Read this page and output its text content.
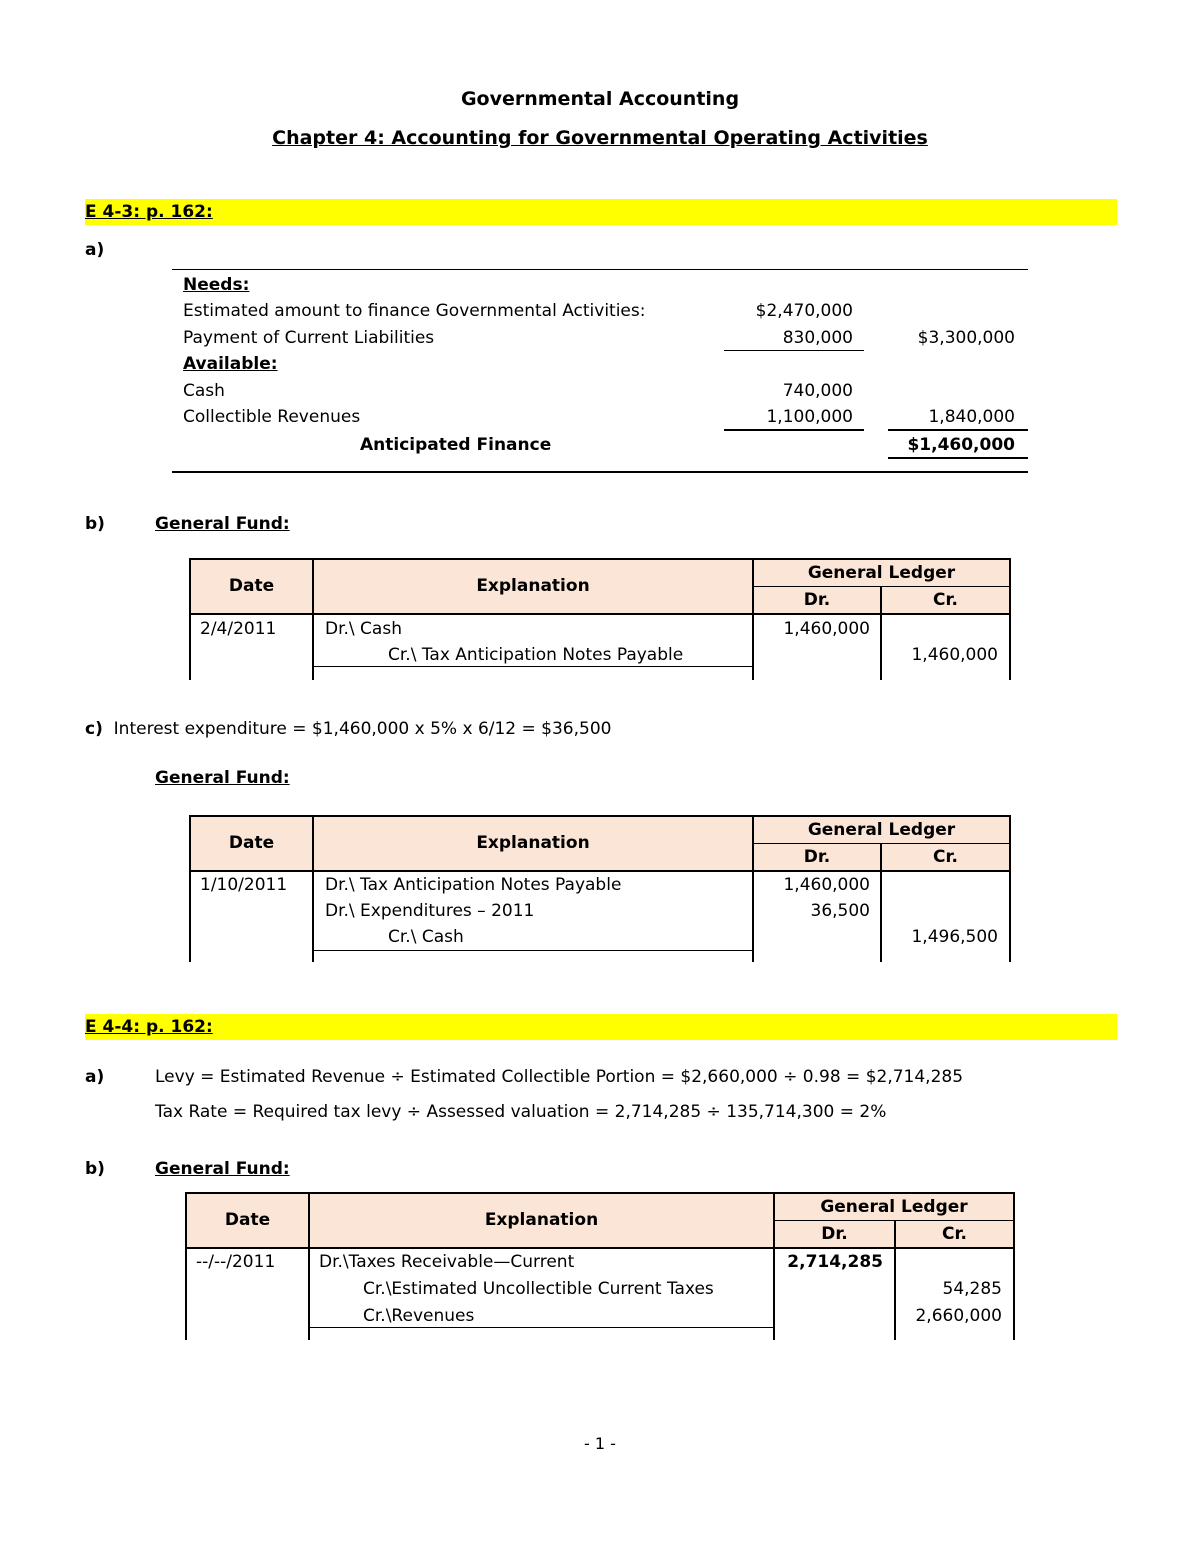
Governmental Accounting
Chapter 4: Accounting for Governmental Operating Activities
E 4-3: p. 162:
a)
Needs:
Estimated amount to finance Governmental Activities:	$2,470,000
Payment of Current Liabilities	830,000	$3,300,000
Available:
Cash	740,000
Collectible Revenues	1,100,000	1,840,000
Anticipated Finance	$1,460,000
b)	General Fund:
Date	Explanation
General Ledger
Dr.	Cr.
2/4/2011	Dr.\ Cash	1,460,000
Cr.\ Tax Anticipation Notes Payable	1,460,000
c) Interest expenditure = $1,460,000 x 5% x 6/12 = $36,500
General Fund:
Date	Explanation
General Ledger
Dr.	Cr.
1/10/2011 Dr.\ Tax Anticipation Notes Payable	1,460,000
Dr.\ Expenditures – 2011	36,500
Cr.\ Cash	1,496,500
E 4-4: p. 162:
a)	Levy = Estimated Revenue ÷ Estimated Collectible Portion = $2,660,000 ÷ 0.98 = $2,714,285
Tax Rate = Required tax levy ÷ Assessed valuation = 2,714,285 ÷ 135,714,300 = 2%
b)	General Fund:
Date	Explanation
General Ledger
Dr.	Cr.
--/--/2011	Dr.\Taxes Receivable—Current	2,714,285
Cr.\Estimated Uncollectible Current Taxes	54,285
Cr.\Revenues	2,660,000
- 1 -
